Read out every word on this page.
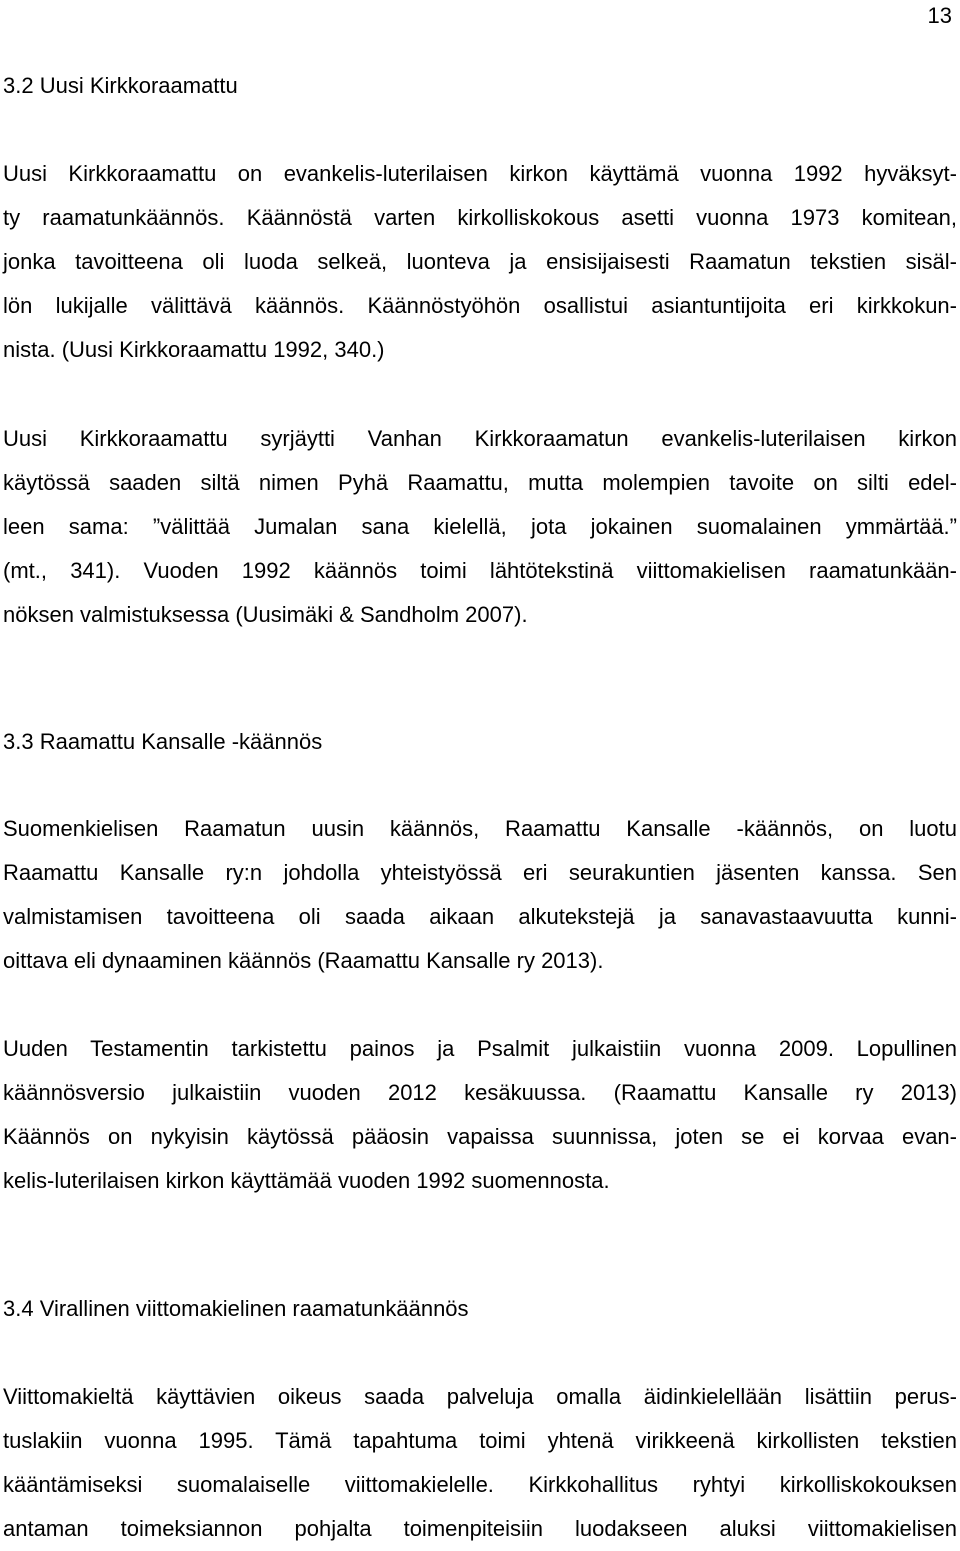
13
3.2 Uusi Kirkkoraamattu
Uusi Kirkkoraamattu on evankelis-luterilaisen kirkon käyttämä vuonna 1992 hyväksyt-
ty raamatunkäännös. Käännöstä varten kirkolliskokous asetti vuonna 1973 komitean,
jonka tavoitteena oli luoda selkeä, luonteva ja ensisijaisesti Raamatun tekstien sisäl-
lön lukijalle välittävä käännös. Käännöstyöhön osallistui asiantuntijoita eri kirkkokun-
nista. (Uusi Kirkkoraamattu 1992, 340.)
Uusi Kirkkoraamattu syrjäytti Vanhan Kirkkoraamatun evankelis-luterilaisen kirkon
käytössä saaden siltä nimen Pyhä Raamattu, mutta molempien tavoite on silti edel-
leen sama: ”välittää Jumalan sana kielellä, jota jokainen suomalainen ymmärtää.”
(mt., 341). Vuoden 1992 käännös toimi lähtötekstinä viittomakielisen raamatunkään-
nöksen valmistuksessa (Uusimäki & Sandholm 2007).
3.3 Raamattu Kansalle -käännös
Suomenkielisen Raamatun uusin käännös, Raamattu Kansalle -käännös, on luotu
Raamattu Kansalle ry:n johdolla yhteistyössä eri seurakuntien jäsenten kanssa. Sen
valmistamisen tavoitteena oli saada aikaan alkutekstejä ja sanavastaavuutta kunni-
oittava eli dynaaminen käännös (Raamattu Kansalle ry 2013).
Uuden Testamentin tarkistettu painos ja Psalmit julkaistiin vuonna 2009. Lopullinen
käännösversio julkaistiin vuoden 2012 kesäkuussa. (Raamattu Kansalle ry 2013)
Käännös on nykyisin käytössä pääosin vapaissa suunnissa, joten se ei korvaa evan-
kelis-luterilaisen kirkon käyttämää vuoden 1992 suomennosta.
3.4 Virallinen viittomakielinen raamatunkäännös
Viittomakieltä käyttävien oikeus saada palveluja omalla äidinkielellään lisättiin perus-
tuslakiin vuonna 1995. Tämä tapahtuma toimi yhtenä virikkeenä kirkollisten tekstien
kääntämiseksi suomalaiselle viittomakielelle. Kirkkohallitus ryhtyi kirkolliskokouksen
antaman toimeksiannon pohjalta toimenpiteisiin luodakseen aluksi viittomakielisen
